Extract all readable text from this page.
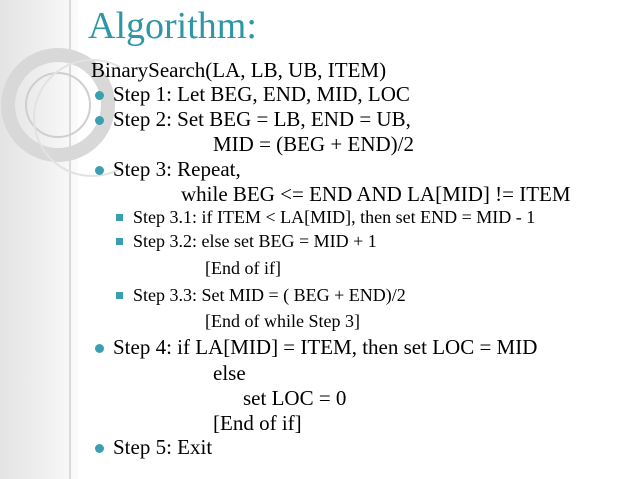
Algorithm:
BinarySearch(LA, LB, UB, ITEM)
Step 1: Let BEG, END, MID, LOC
Step 2: Set BEG = LB, END = UB,
MID = (BEG + END)/2
Step 3: Repeat,
while BEG <= END AND LA[MID] != ITEM
Step 3.1: if ITEM < LA[MID], then set END = MID - 1
Step 3.2: else set BEG = MID + 1
[End of if]
Step 3.3: Set MID = ( BEG + END)/2
[End of while Step 3]
Step 4: if LA[MID] = ITEM, then set LOC = MID
else
set LOC = 0
[End of if]
Step 5: Exit
